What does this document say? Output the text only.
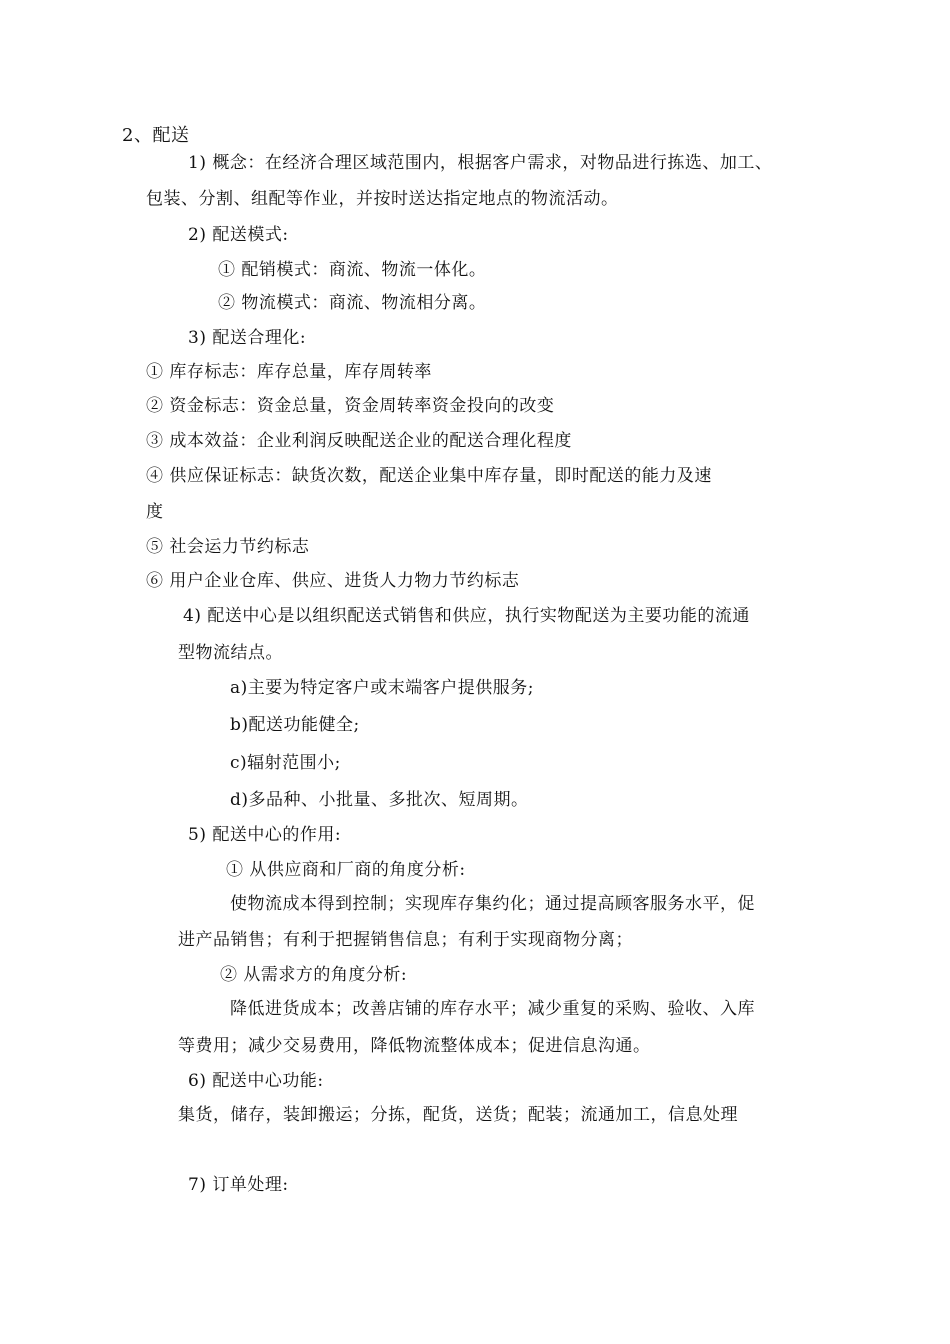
2、配送
1) 概念：在经济合理区域范围内，根据客户需求，对物品进行拣选、加工、
包装、分割、组配等作业，并按时送达指定地点的物流活动。
2) 配送模式:
① 配销模式：商流、物流一体化。
② 物流模式：商流、物流相分离。
3) 配送合理化:
① 库存标志：库存总量，库存周转率
② 资金标志：资金总量，资金周转率资金投向的改变
③ 成本效益：企业利润反映配送企业的配送合理化程度
④ 供应保证标志：缺货次数，配送企业集中库存量，即时配送的能力及速
度
⑤ 社会运力节约标志
⑥ 用户企业仓库、供应、进货人力物力节约标志
4) 配送中心是以组织配送式销售和供应，执行实物配送为主要功能的流通
型物流结点。
a)主要为特定客户或末端客户提供服务;
b)配送功能健全;
c)辐射范围小;
d)多品种、小批量、多批次、短周期。
5) 配送中心的作用:
① 从供应商和厂商的角度分析:
使物流成本得到控制；实现库存集约化；通过提高顾客服务水平，促
进产品销售；有利于把握销售信息；有利于实现商物分离；
② 从需求方的角度分析:
降低进货成本；改善店铺的库存水平；减少重复的采购、验收、入库
等费用；减少交易费用，降低物流整体成本；促进信息沟通。
6) 配送中心功能:
集货，储存，装卸搬运；分拣，配货，送货；配装；流通加工，信息处理
7) 订单处理:
